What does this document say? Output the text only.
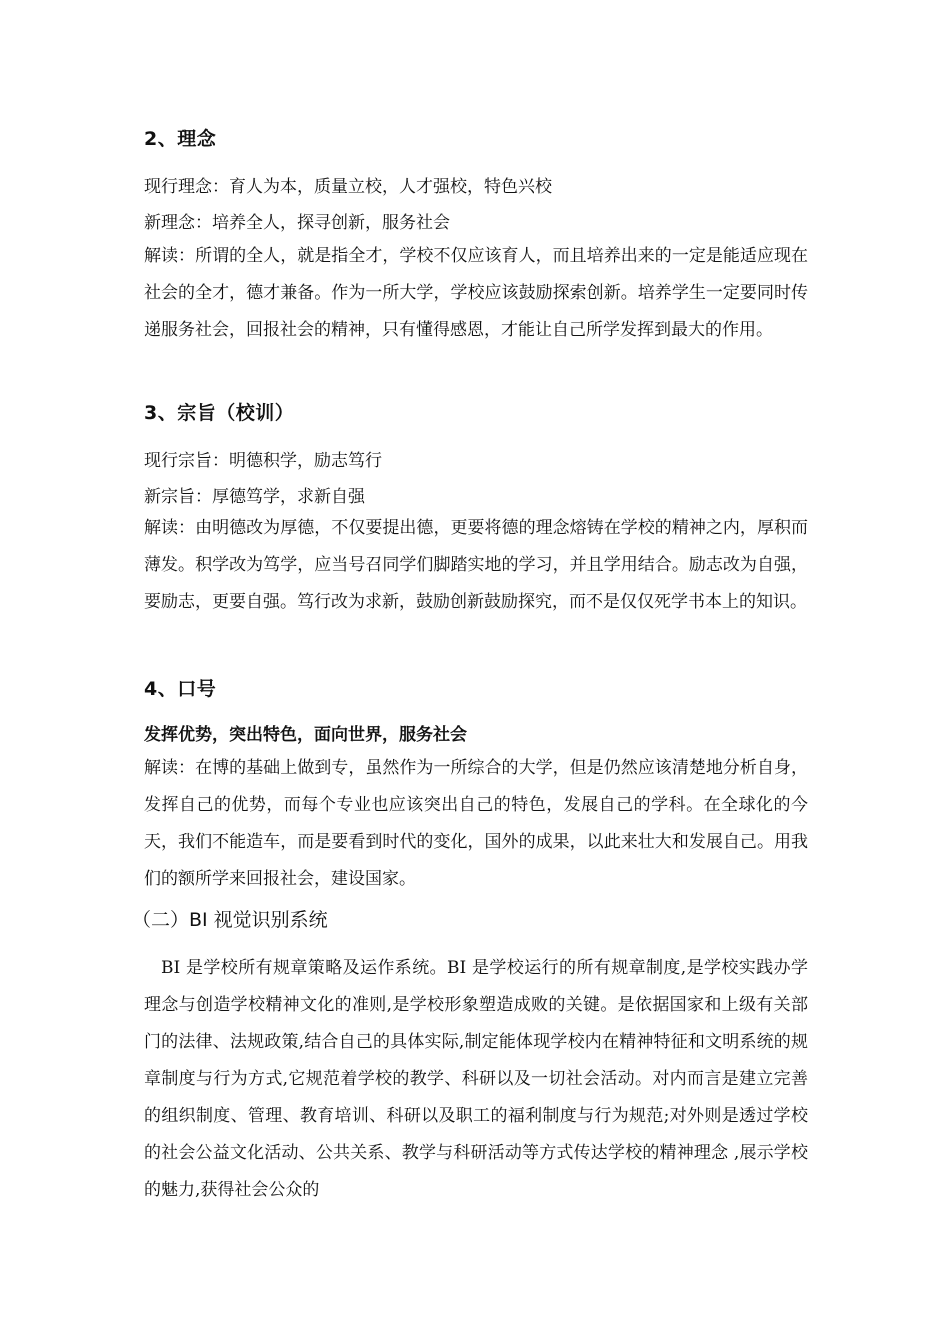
2、理念
现行理念：育人为本，质量立校，人才强校，特色兴校
新理念：培养全人，探寻创新，服务社会
解读：所谓的全人，就是指全才，学校不仅应该育人，而且培养出来的一定是能适应现在社会的全才，德才兼备。作为一所大学，学校应该鼓励探索创新。培养学生一定要同时传递服务社会，回报社会的精神，只有懂得感恩，才能让自己所学发挥到最大的作用。
3、宗旨（校训）
现行宗旨：明德积学，励志笃行
新宗旨：厚德笃学，求新自强
解读：由明德改为厚德，不仅要提出德，更要将德的理念熔铸在学校的精神之内，厚积而薄发。积学改为笃学，应当号召同学们脚踏实地的学习，并且学用结合。励志改为自强，要励志，更要自强。笃行改为求新，鼓励创新鼓励探究，而不是仅仅死学书本上的知识。
4、口号
发挥优势，突出特色，面向世界，服务社会
解读：在博的基础上做到专，虽然作为一所综合的大学，但是仍然应该清楚地分析自身，发挥自己的优势，而每个专业也应该突出自己的特色，发展自己的学科。在全球化的今天，我们不能造车，而是要看到时代的变化，国外的成果，以此来壮大和发展自己。用我们的额所学来回报社会，建设国家。
（二）BI 视觉识别系统
BI 是学校所有规章策略及运作系统。BI 是学校运行的所有规章制度,是学校实践办学理念与创造学校精神文化的准则,是学校形象塑造成败的关键。是依据国家和上级有关部门的法律、法规政策,结合自己的具体实际,制定能体现学校内在精神特征和文明系统的规章制度与行为方式,它规范着学校的教学、科研以及一切社会活动。对内而言是建立完善的组织制度、管理、教育培训、科研以及职工的福利制度与行为规范;对外则是透过学校的社会公益文化活动、公共关系、教学与科研活动等方式传达学校的精神理念 ,展示学校的魅力,获得社会公众的
